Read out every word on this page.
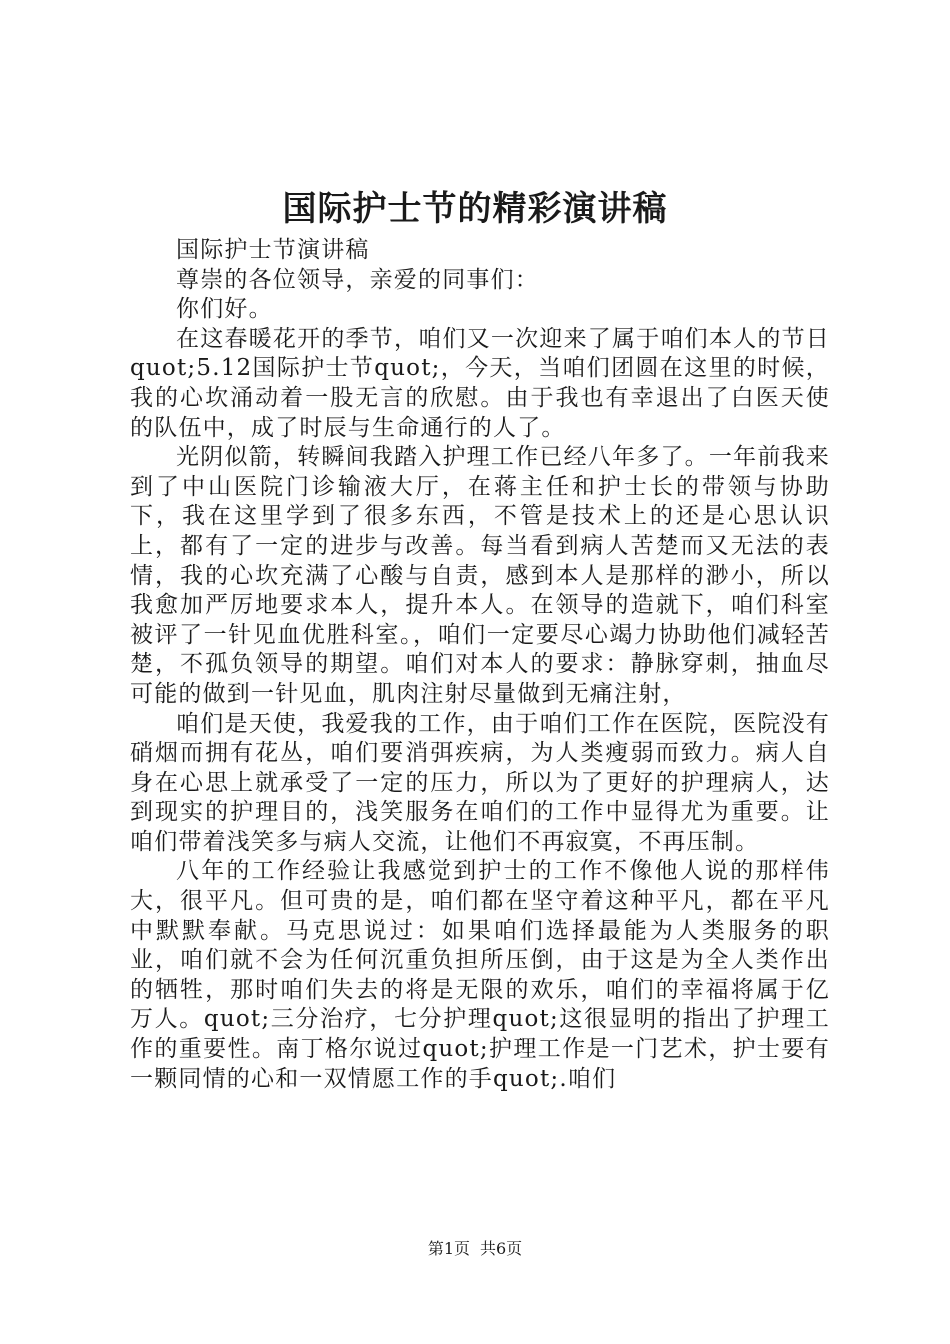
国际护士节的精彩演讲稿

国际护士节演讲稿

尊崇的各位领导，亲爱的同事们：

你们好。

在这春暖花开的季节，咱们又一次迎来了属于咱们本人的节日quot;5.12国际护士节quot;，今天，当咱们团圆在这里的时候，我的心坎涌动着一股无言的欣慰。由于我也有幸退出了白医天使的队伍中，成了时辰与生命通行的人了。

光阴似箭，转瞬间我踏入护理工作已经八年多了。一年前我来到了中山医院门诊输液大厅，在蒋主任和护士长的带领与协助下，我在这里学到了很多东西，不管是技术上的还是心思认识上，都有了一定的进步与改善。每当看到病人苦楚而又无法的表情，我的心坎充满了心酸与自责，感到本人是那样的渺小，所以我愈加严厉地要求本人，提升本人。在领导的造就下，咱们科室被评了一针见血优胜科室。，咱们一定要尽心竭力协助他们减轻苦楚，不孤负领导的期望。咱们对本人的要求：静脉穿刺，抽血尽可能的做到一针见血，肌肉注射尽量做到无痛注射，

咱们是天使，我爱我的工作，由于咱们工作在医院，医院没有硝烟而拥有花丛，咱们要消弭疾病，为人类瘦弱而致力。病人自身在心思上就承受了一定的压力，所以为了更好的护理病人，达到现实的护理目的，浅笑服务在咱们的工作中显得尤为重要。让咱们带着浅笑多与病人交流，让他们不再寂寞，不再压制。

八年的工作经验让我感觉到护士的工作不像他人说的那样伟大，很平凡。但可贵的是，咱们都在坚守着这种平凡，都在平凡中默默奉献。马克思说过：如果咱们选择最能为人类服务的职业，咱们就不会为任何沉重负担所压倒，由于这是为全人类作出的牺牲，那时咱们失去的将是无限的欢乐，咱们的幸福将属于亿万人。quot;三分治疗，七分护理quot;这很显明的指出了护理工作的重要性。南丁格尔说过quot;护理工作是一门艺术，护士要有一颗同情的心和一双情愿工作的手quot;.咱们

第1页 共6页
